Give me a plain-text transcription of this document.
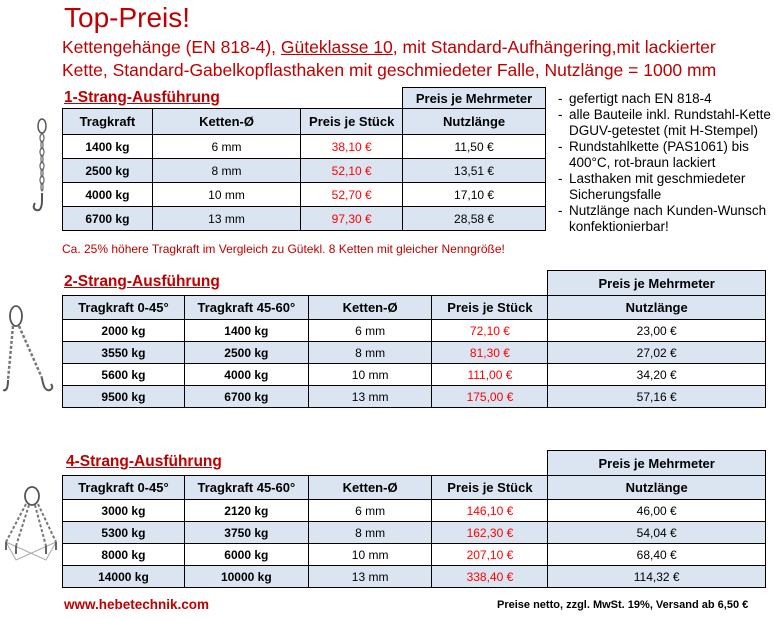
Top-Preis!
Kettengehänge (EN 818-4), Güteklasse 10, mit Standard-Aufhängering,mit lackierter
Kette, Standard-Gabelkopflasthaken mit geschmiedeter Falle, Nutzlänge = 1000 mm
1-Strang-Ausführung
			Preis je Mehrmeter
Tragkraft	Ketten-Ø	Preis je Stück	Nutzlänge
1400 kg	6 mm	38,10 €	11,50 €
2500 kg	8 mm	52,10 €	13,51 €
4000 kg	10 mm	52,70 €	17,10 €
6700 kg	13 mm	97,30 €	28,58 €
Ca. 25% höhere Tragkraft im Vergleich zu Gütekl. 8 Ketten mit gleicher Nenngröße!
- gefertigt nach EN 818-4
- alle Bauteile inkl. Rundstahl-Kette DGUV-getestet (mit H-Stempel)
- Rundstahlkette (PAS1061) bis 400°C, rot-braun lackiert
- Lasthaken mit geschmiedeter Sicherungsfalle
- Nutzlänge nach Kunden-Wunsch konfektionierbar!
2-Strang-Ausführung
				Preis je Mehrmeter
Tragkraft 0-45°	Tragkraft 45-60°	Ketten-Ø	Preis je Stück	Nutzlänge
2000 kg	1400 kg	6 mm	72,10 €	23,00 €
3550 kg	2500 kg	8 mm	81,30 €	27,02 €
5600 kg	4000 kg	10 mm	111,00 €	34,20 €
9500 kg	6700 kg	13 mm	175,00 €	57,16 €
4-Strang-Ausführung
				Preis je Mehrmeter
Tragkraft 0-45°	Tragkraft 45-60°	Ketten-Ø	Preis je Stück	Nutzlänge
3000 kg	2120 kg	6 mm	146,10 €	46,00 €
5300 kg	3750 kg	8 mm	162,30 €	54,04 €
8000 kg	6000 kg	10 mm	207,10 €	68,40 €
14000 kg	10000 kg	13 mm	338,40 €	114,32 €
www.hebetechnik.com	Preise netto, zzgl. MwSt. 19%, Versand ab 6,50 €
